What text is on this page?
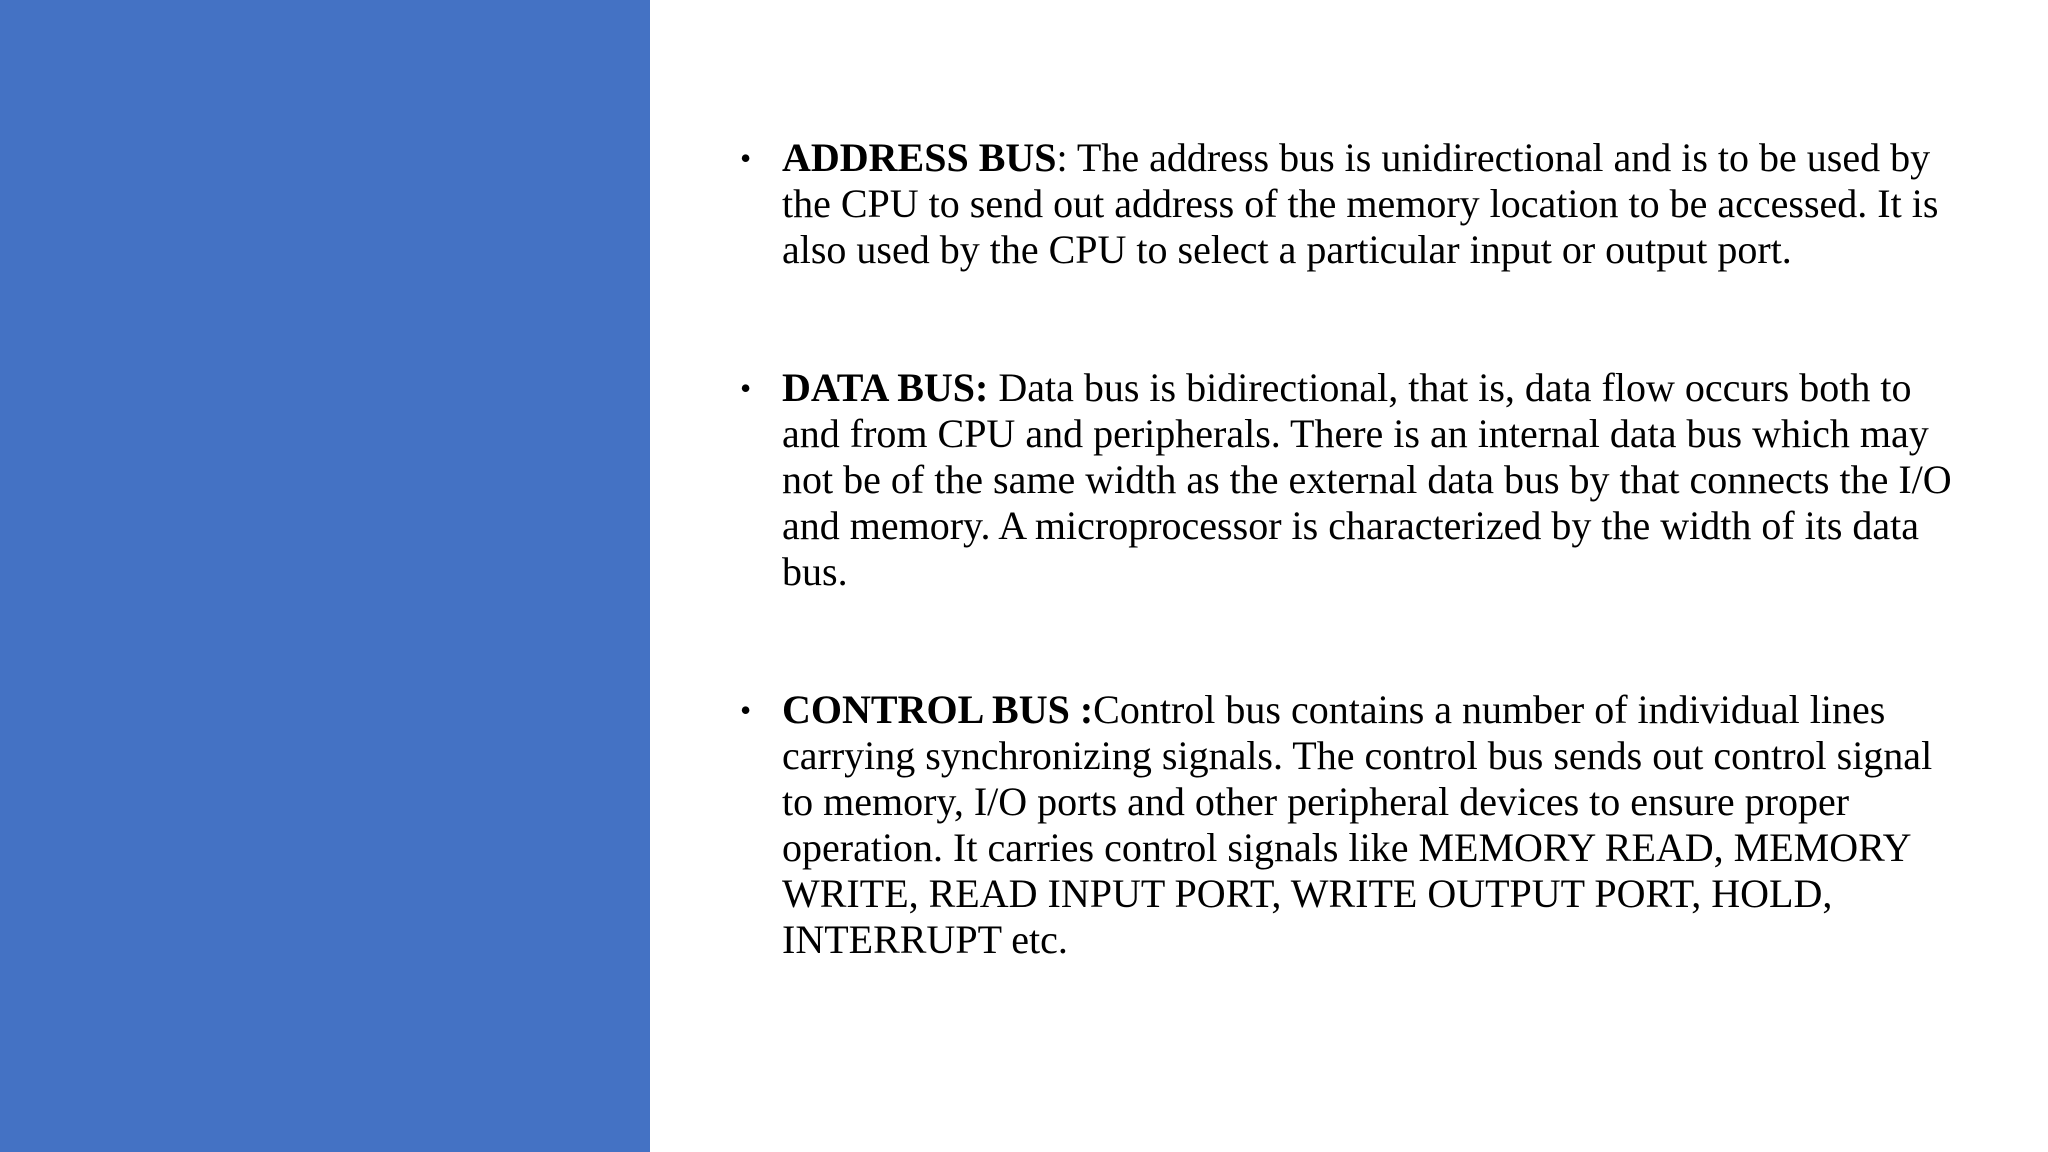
• ADDRESS BUS: The address bus is unidirectional and is to be used by the CPU to send out address of the memory location to be accessed. It is also used by the CPU to select a particular input or output port.
• DATA BUS: Data bus is bidirectional, that is, data flow occurs both to and from CPU and peripherals. There is an internal data bus which may not be of the same width as the external data bus by that connects the I/O and memory. A microprocessor is characterized by the width of its data bus.
• CONTROL BUS :Control bus contains a number of individual lines carrying synchronizing signals. The control bus sends out control signal to memory, I/O ports and other peripheral devices to ensure proper operation. It carries control signals like MEMORY READ, MEMORY WRITE, READ INPUT PORT, WRITE OUTPUT PORT, HOLD, INTERRUPT etc.
